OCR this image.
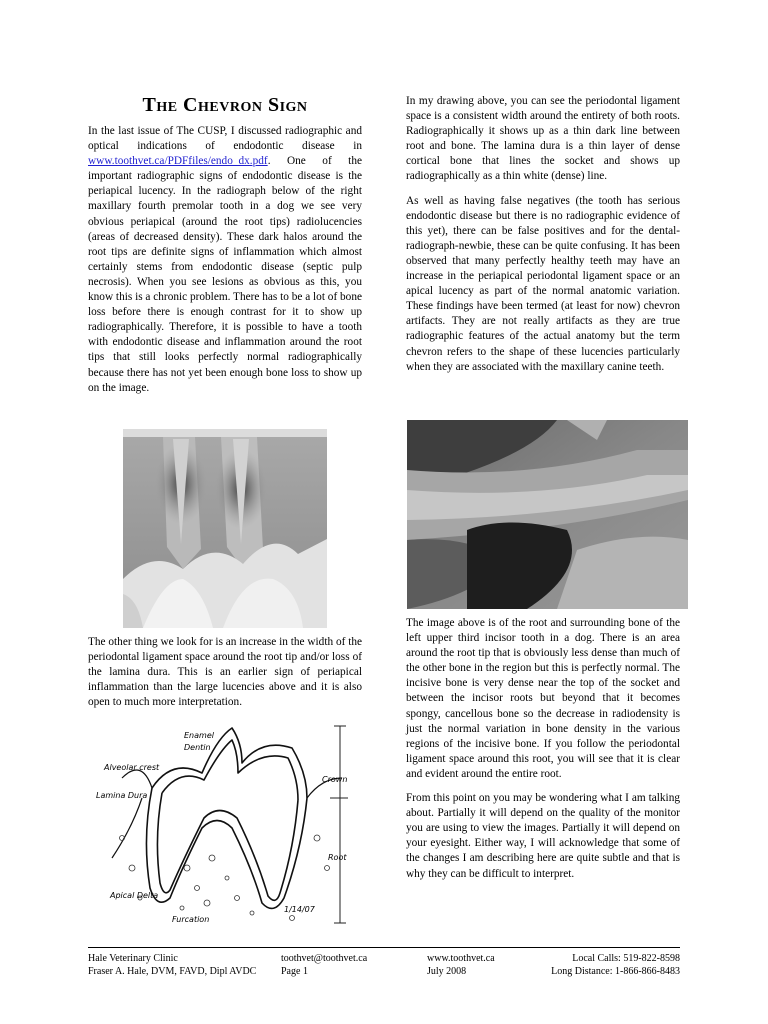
The Chevron Sign

In the last issue of The CUSP, I discussed radiographic and optical indications of endodontic disease in www.toothvet.ca/PDFfiles/endo_dx.pdf. One of the important radiographic signs of endodontic disease is the periapical lucency. In the radiograph below of the right maxillary fourth premolar tooth in a dog we see very obvious periapical (around the root tips) radiolucencies (areas of decreased density). These dark halos around the root tips are definite signs of inflammation which almost certainly stems from endodontic disease (septic pulp necrosis). When you see lesions as obvious as this, you know this is a chronic problem. There has to be a lot of bone loss before there is enough contrast for it to show up radiographically. Therefore, it is possible to have a tooth with endodontic disease and inflammation around the root tips that still looks perfectly normal radiographically because there has not yet been enough bone loss to show up on the image.

The other thing we look for is an increase in the width of the periodontal ligament space around the root tip and/or loss of the lamina dura. This is an earlier sign of periapical inflammation than the large lucencies above and it is also open to much more interpretation.

Enamel
Dentin
Alveolar crest
Lamina Dura
Crown
Root
Apical Delta
Furcation
1/14/07

In my drawing above, you can see the periodontal ligament space is a consistent width around the entirety of both roots. Radiographically it shows up as a thin dark line between root and bone. The lamina dura is a thin layer of dense cortical bone that lines the socket and shows up radiographically as a thin white (dense) line.

As well as having false negatives (the tooth has serious endodontic disease but there is no radiographic evidence of this yet), there can be false positives and for the dental-radiograph-newbie, these can be quite confusing. It has been observed that many perfectly healthy teeth may have an increase in the periapical periodontal ligament space or an apical lucency as part of the normal anatomic variation. These findings have been termed (at least for now) chevron artifacts. They are not really artifacts as they are true radiographic features of the actual anatomy but the term chevron refers to the shape of these lucencies particularly when they are associated with the maxillary canine teeth.

The image above is of the root and surrounding bone of the left upper third incisor tooth in a dog. There is an area around the root tip that is obviously less dense than much of the other bone in the region but this is perfectly normal. The incisive bone is very dense near the top of the socket and between the incisor roots but beyond that it becomes spongy, cancellous bone so the decrease in radiodensity is just the normal variation in bone density in the various regions of the incisive bone. If you follow the periodontal ligament space around this root, you will see that it is clear and evident around the entire root.

From this point on you may be wondering what I am talking about. Partially it will depend on the quality of the monitor you are using to view the images. Partially it will depend on your eyesight. Either way, I will acknowledge that some of the changes I am describing here are quite subtle and that is why they can be difficult to interpret.

Hale Veterinary Clinic
Fraser A. Hale, DVM, FAVD, Dipl AVDC
toothvet@toothvet.ca
Page 1
www.toothvet.ca
July 2008
Local Calls: 519-822-8598
Long Distance: 1-866-866-8483
